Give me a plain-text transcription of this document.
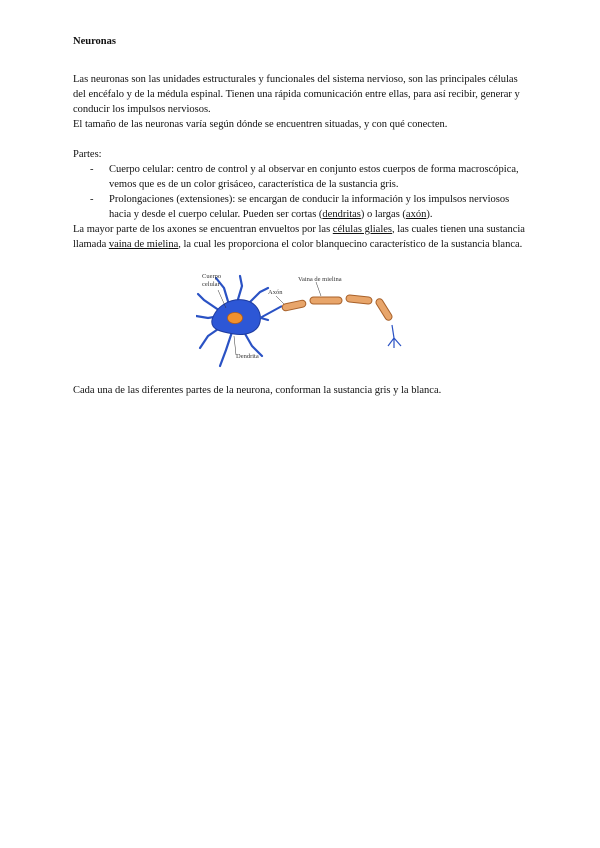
Neuronas
Las neuronas son las unidades estructurales y funcionales del sistema nervioso, son las principales células del encéfalo y de la médula espinal. Tienen una rápida comunicación entre ellas, para así recibir, generar y conducir los impulsos nerviosos.
El tamaño de las neuronas varía según dónde se encuentren situadas, y con qué conecten.
Partes:
- Cuerpo celular: centro de control y al observar en conjunto estos cuerpos de forma macroscópica, vemos que es de un color grisáceo, característica de la sustancia gris.
- Prolongaciones (extensiones): se encargan de conducir la información y los impulsos nerviosos hacia y desde el cuerpo celular. Pueden ser cortas (dendritas) o largas (axón).
La mayor parte de los axones se encuentran envueltos por las células gliales, las cuales tienen una sustancia llamada vaina de mielina, la cual les proporciona el color blanquecino característico de la sustancia blanca.
Cuerpo
celular
Axón
Vaina de mielina
Dendrita
Cada una de las diferentes partes de la neurona, conforman la sustancia gris y la blanca.
